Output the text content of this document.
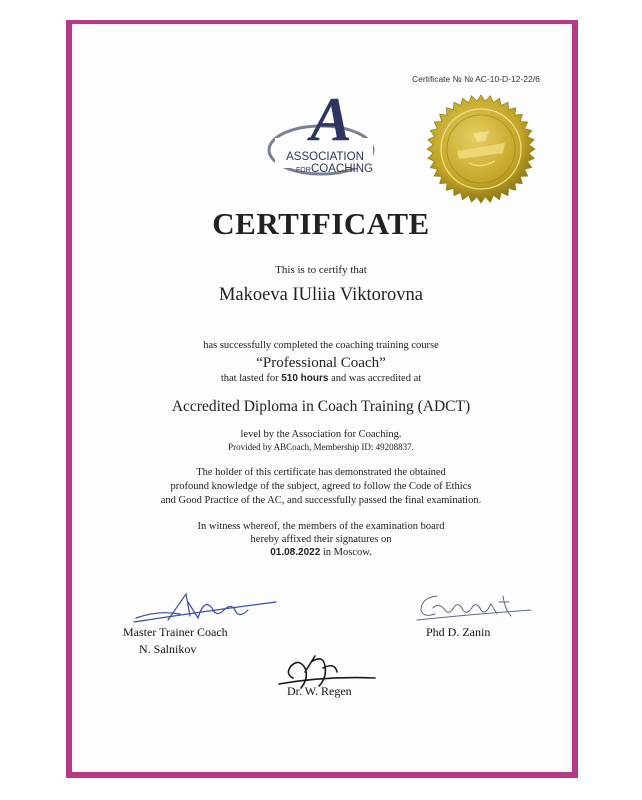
Certificate № № AC-10-D-12-22/6
A
ASSOCIATION
FOR COACHING
CERTIFICATE
This is to certify that
Makoeva IUliia Viktorovna
has successfully completed the coaching training course
“Professional Coach”
that lasted for 510 hours and was accredited at
Accredited Diploma in Coach Training (ADCT)
level by the Association for Coaching.
Provided by ABCoach, Membership ID: 49208837.
The holder of this certificate has demonstrated the obtained
profound knowledge of the subject, agreed to follow the Code of Ethics
and Good Practice of the AC, and successfully passed the final examination.
In witness whereof, the members of the examination board
hereby affixed their signatures on
01.08.2022 in Moscow.
Master Trainer Coach
N. Salnikov
Phd D. Zanin
Dr. W. Regen
